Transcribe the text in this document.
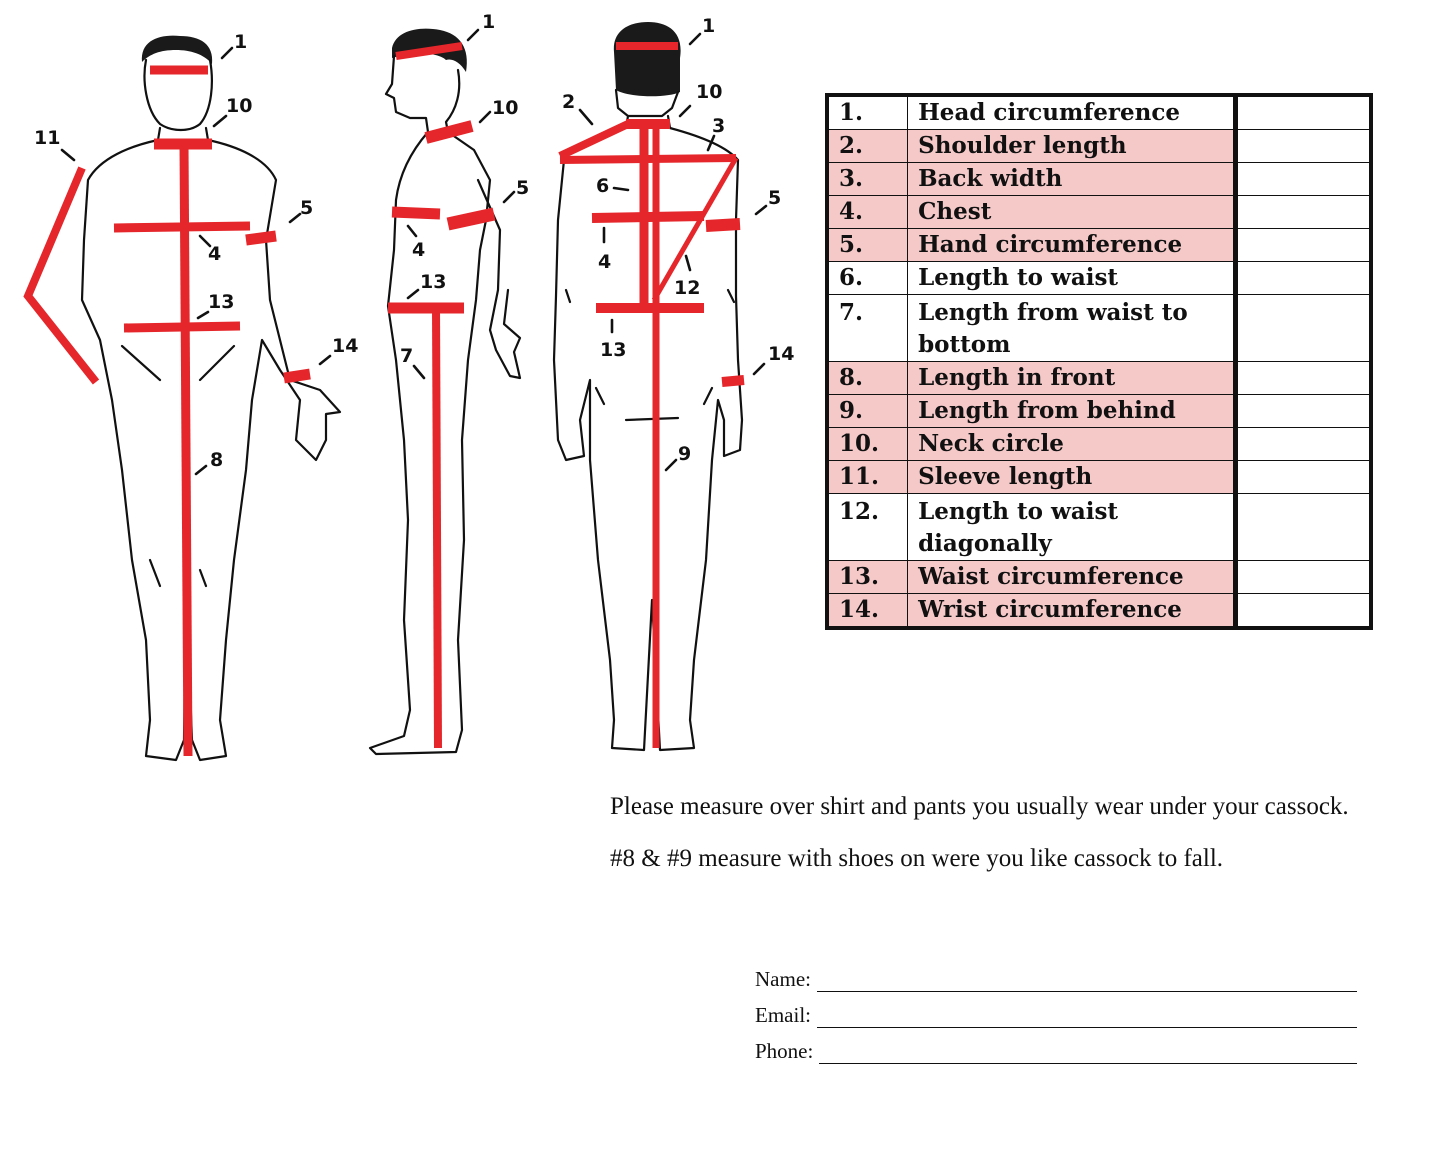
1
10
11
5
4
13
14
8
1
10
5
4
13
7
1
10
2
3
6
5
4
12
13	14
9
1.	Head circumference	
2.	Shoulder length	
3.	Back width	
4.	Chest	
5.	Hand circumference	
6.	Length to waist	
7.	Length from waist to bottom	
8.	Length in front	
9.	Length from behind	
10.	Neck circle	
11.	Sleeve length	
12.	Length to waist diagonally	
13.	Waist circumference	
14.	Wrist circumference	

Please measure over shirt and pants you usually wear under your cassock.

#8 & #9 measure with shoes on were you like cassock to fall.

Name:
Email:
Phone:
